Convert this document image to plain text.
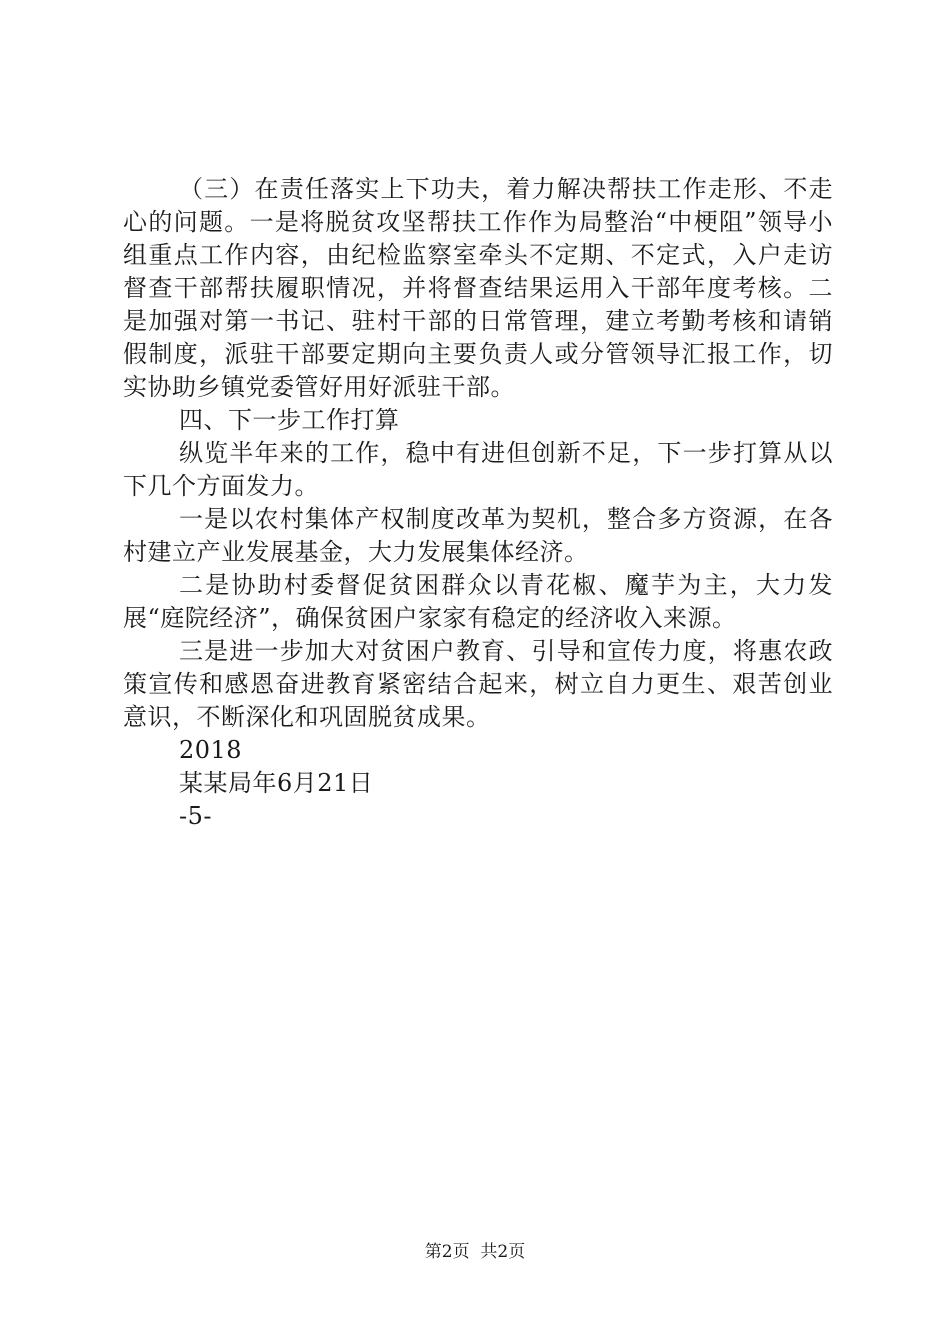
（三）在责任落实上下功夫，着力解决帮扶工作走形、不走心的问题。一是将脱贫攻坚帮扶工作作为局整治“中梗阻”领导小组重点工作内容，由纪检监察室牵头不定期、不定式，入户走访督查干部帮扶履职情况，并将督查结果运用入干部年度考核。二是加强对第一书记、驻村干部的日常管理，建立考勤考核和请销假制度，派驻干部要定期向主要负责人或分管领导汇报工作，切实协助乡镇党委管好用好派驻干部。

四、下一步工作打算

纵览半年来的工作，稳中有进但创新不足，下一步打算从以下几个方面发力。

一是以农村集体产权制度改革为契机，整合多方资源，在各村建立产业发展基金，大力发展集体经济。

二是协助村委督促贫困群众以青花椒、魔芋为主，大力发展“庭院经济”，确保贫困户家家有稳定的经济收入来源。

三是进一步加大对贫困户教育、引导和宣传力度，将惠农政策宣传和感恩奋进教育紧密结合起来，树立自力更生、艰苦创业意识，不断深化和巩固脱贫成果。

2018

某某局年6月21日

-5-

第2页  共2页
